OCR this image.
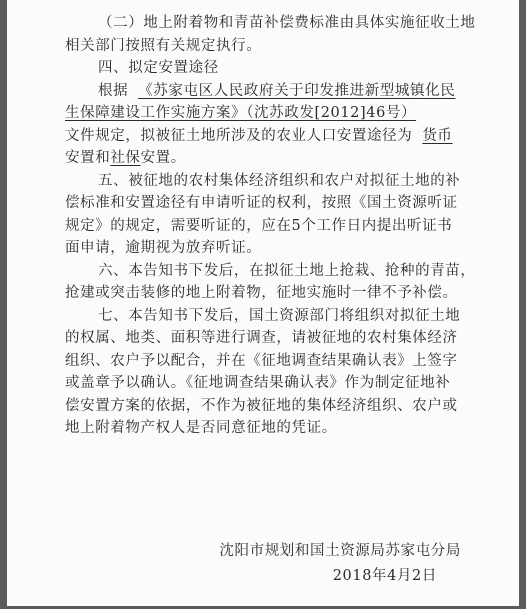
（二）地上附着物和青苗补偿费标准由具体实施征收土地
相关部门按照有关规定执行。
四、拟定安置途径
根据 《苏家屯区人民政府关于印发推进新型城镇化民
生保障建设工作实施方案》（沈苏政发[2012]46号）
文件规定，拟被征土地所涉及的农业人口安置途径为 货币
安置和社保安置。
五、被征地的农村集体经济组织和农户对拟征土地的补
偿标准和安置途径有申请听证的权利，按照《国土资源听证
规定》的规定，需要听证的，应在5个工作日内提出听证书
面申请，逾期视为放弃听证。
六、本告知书下发后，在拟征土地上抢栽、抢种的青苗，
抢建或突击装修的地上附着物，征地实施时一律不予补偿。
七、本告知书下发后，国土资源部门将组织对拟征土地
的权属、地类、面积等进行调查，请被征地的农村集体经济
组织、农户予以配合，并在《征地调查结果确认表》上签字
或盖章予以确认。《征地调查结果确认表》作为制定征地补
偿安置方案的依据，不作为被征地的集体经济组织、农户或
地上附着物产权人是否同意征地的凭证。
沈阳市规划和国土资源局苏家屯分局
2018年4月2日
